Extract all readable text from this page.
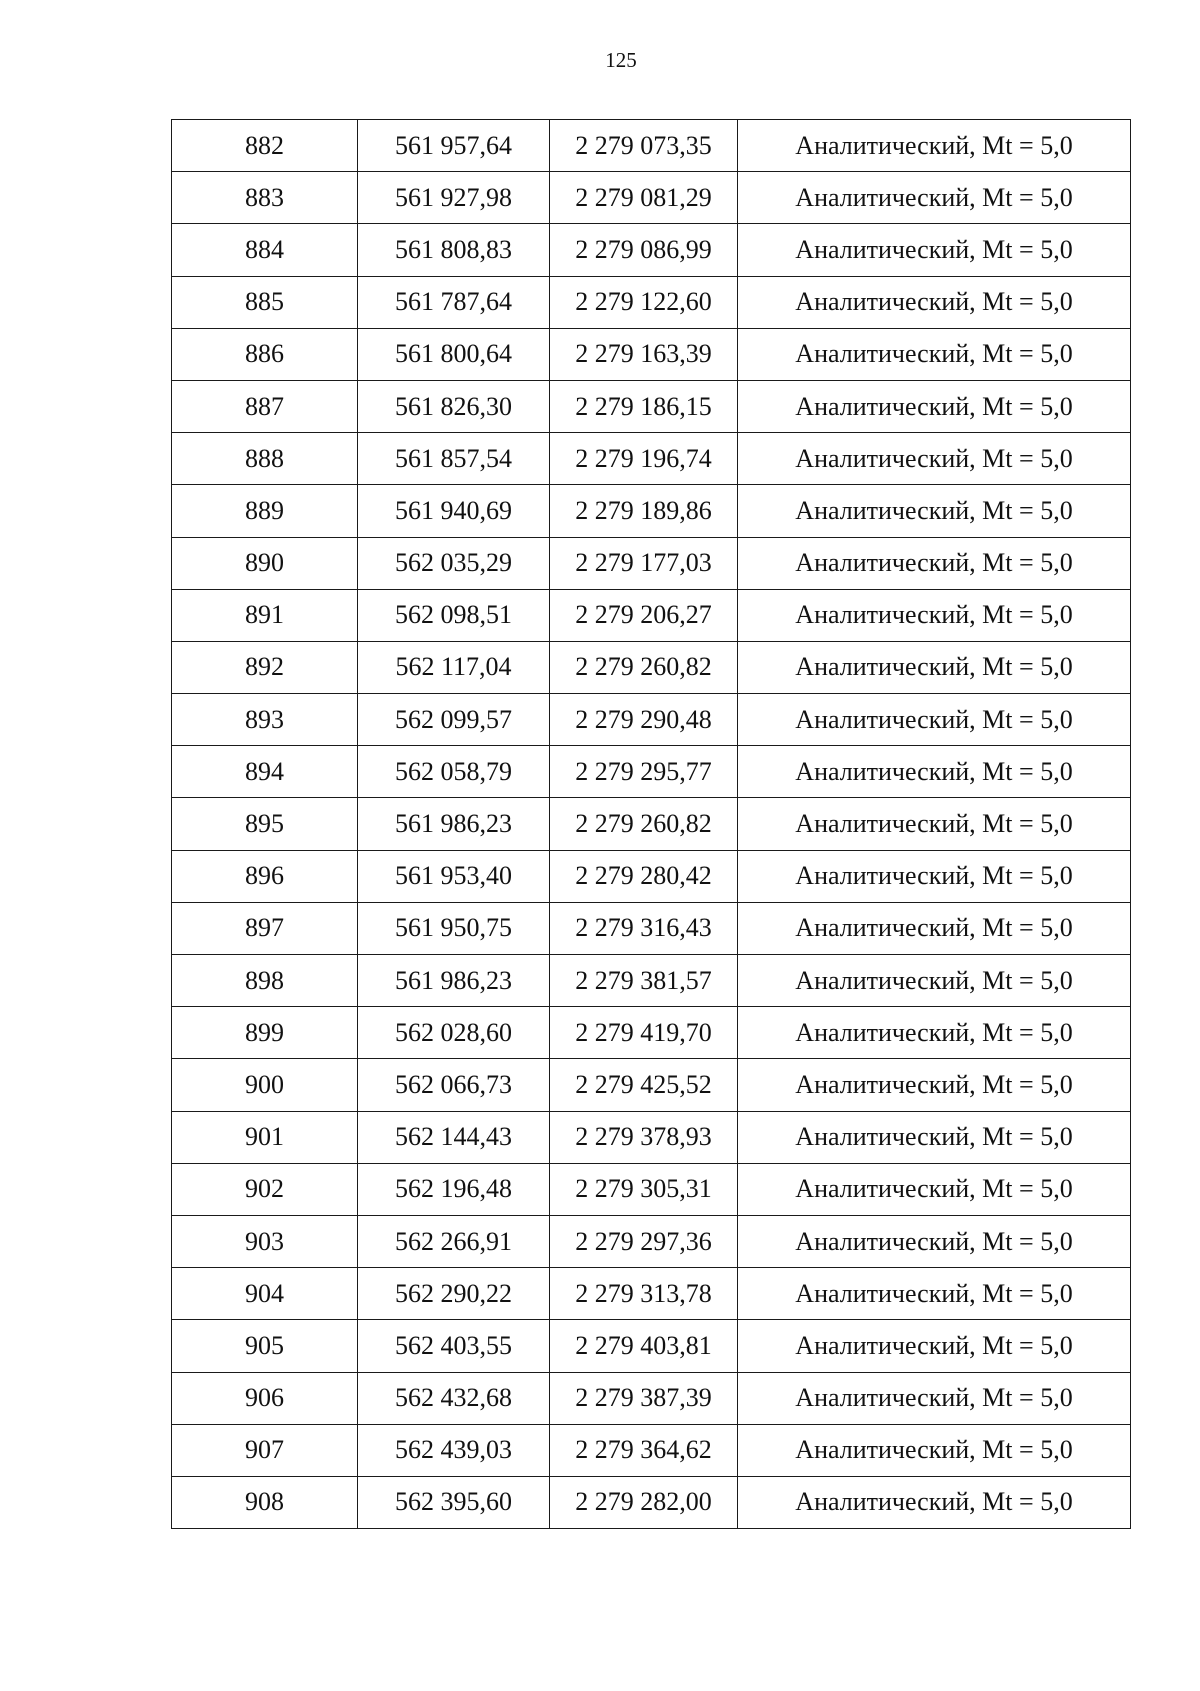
125
882	561 957,64	2 279 073,35	Аналитический, Mt = 5,0
883	561 927,98	2 279 081,29	Аналитический, Mt = 5,0
884	561 808,83	2 279 086,99	Аналитический, Mt = 5,0
885	561 787,64	2 279 122,60	Аналитический, Mt = 5,0
886	561 800,64	2 279 163,39	Аналитический, Mt = 5,0
887	561 826,30	2 279 186,15	Аналитический, Mt = 5,0
888	561 857,54	2 279 196,74	Аналитический, Mt = 5,0
889	561 940,69	2 279 189,86	Аналитический, Mt = 5,0
890	562 035,29	2 279 177,03	Аналитический, Mt = 5,0
891	562 098,51	2 279 206,27	Аналитический, Mt = 5,0
892	562 117,04	2 279 260,82	Аналитический, Mt = 5,0
893	562 099,57	2 279 290,48	Аналитический, Mt = 5,0
894	562 058,79	2 279 295,77	Аналитический, Mt = 5,0
895	561 986,23	2 279 260,82	Аналитический, Mt = 5,0
896	561 953,40	2 279 280,42	Аналитический, Mt = 5,0
897	561 950,75	2 279 316,43	Аналитический, Mt = 5,0
898	561 986,23	2 279 381,57	Аналитический, Mt = 5,0
899	562 028,60	2 279 419,70	Аналитический, Mt = 5,0
900	562 066,73	2 279 425,52	Аналитический, Mt = 5,0
901	562 144,43	2 279 378,93	Аналитический, Mt = 5,0
902	562 196,48	2 279 305,31	Аналитический, Mt = 5,0
903	562 266,91	2 279 297,36	Аналитический, Mt = 5,0
904	562 290,22	2 279 313,78	Аналитический, Mt = 5,0
905	562 403,55	2 279 403,81	Аналитический, Mt = 5,0
906	562 432,68	2 279 387,39	Аналитический, Mt = 5,0
907	562 439,03	2 279 364,62	Аналитический, Mt = 5,0
908	562 395,60	2 279 282,00	Аналитический, Mt = 5,0
